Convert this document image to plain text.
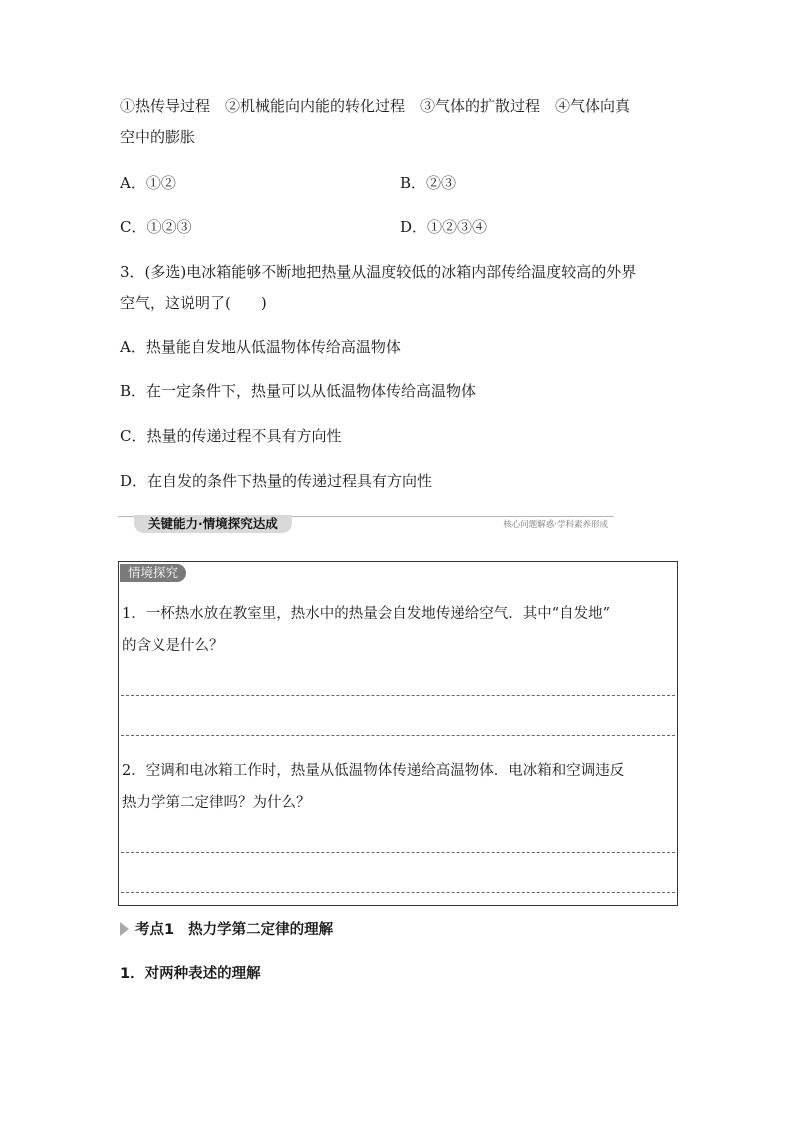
①热传导过程　②机械能向内能的转化过程　③气体的扩散过程　④气体向真
空中的膨胀
A．①②	B．②③
C．①②③	D．①②③④
3．(多选)电冰箱能够不断地把热量从温度较低的冰箱内部传给温度较高的外界
空气，这说明了(　　)
A．热量能自发地从低温物体传给高温物体
B．在一定条件下，热量可以从低温物体传给高温物体
C．热量的传递过程不具有方向性
D．在自发的条件下热量的传递过程具有方向性
关键能力·情境探究达成	核心问题解惑·学科素养形成
情境探究
1．一杯热水放在教室里，热水中的热量会自发地传递给空气．其中“自发地”
的含义是什么？
2．空调和电冰箱工作时，热量从低温物体传递给高温物体．电冰箱和空调违反
热力学第二定律吗？为什么？
考点1 热力学第二定律的理解
1．对两种表述的理解
